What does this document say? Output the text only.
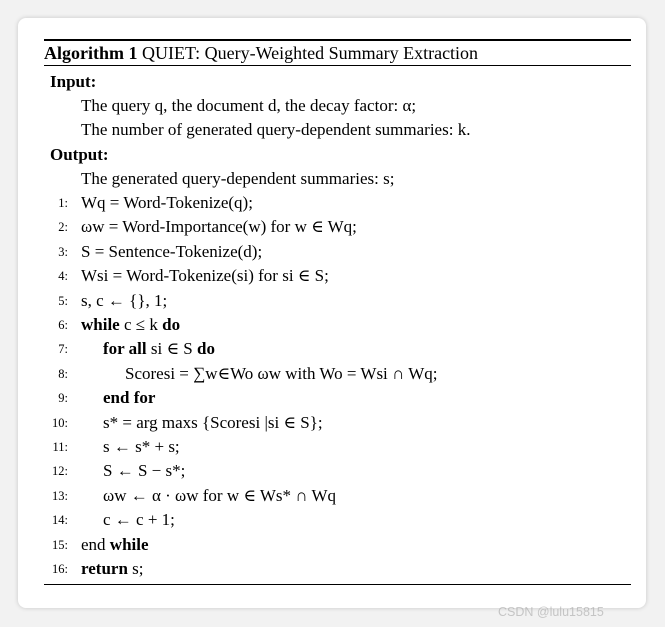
Algorithm 1 QUIET: Query-Weighted Summary Extraction
Input:
The query q, the document d, the decay factor: α;
The number of generated query-dependent summaries: k.
Output:
The generated query-dependent summaries: s;
1: Wq = Word-Tokenize(q);
2: ωw = Word-Importance(w) for w ∈ Wq;
3: S = Sentence-Tokenize(d);
4: Wsi = Word-Tokenize(si) for si ∈ S;
5: s, c ← {}, 1;
6: while c ≤ k do
7: for all si ∈ S do
8:	Scoresi = ∑w∈Wo ωw with Wo = Wsi ∩ Wq;
9: end for
10: s* = arg maxs {Scoresi |si ∈ S};
11: s ← s* + s;
12: S ← S − s*;
13: ωw ← α · ωw for w ∈ Ws* ∩ Wq
14: c ← c + 1;
15: end while
16: return s;
CSDN @lulu15815
